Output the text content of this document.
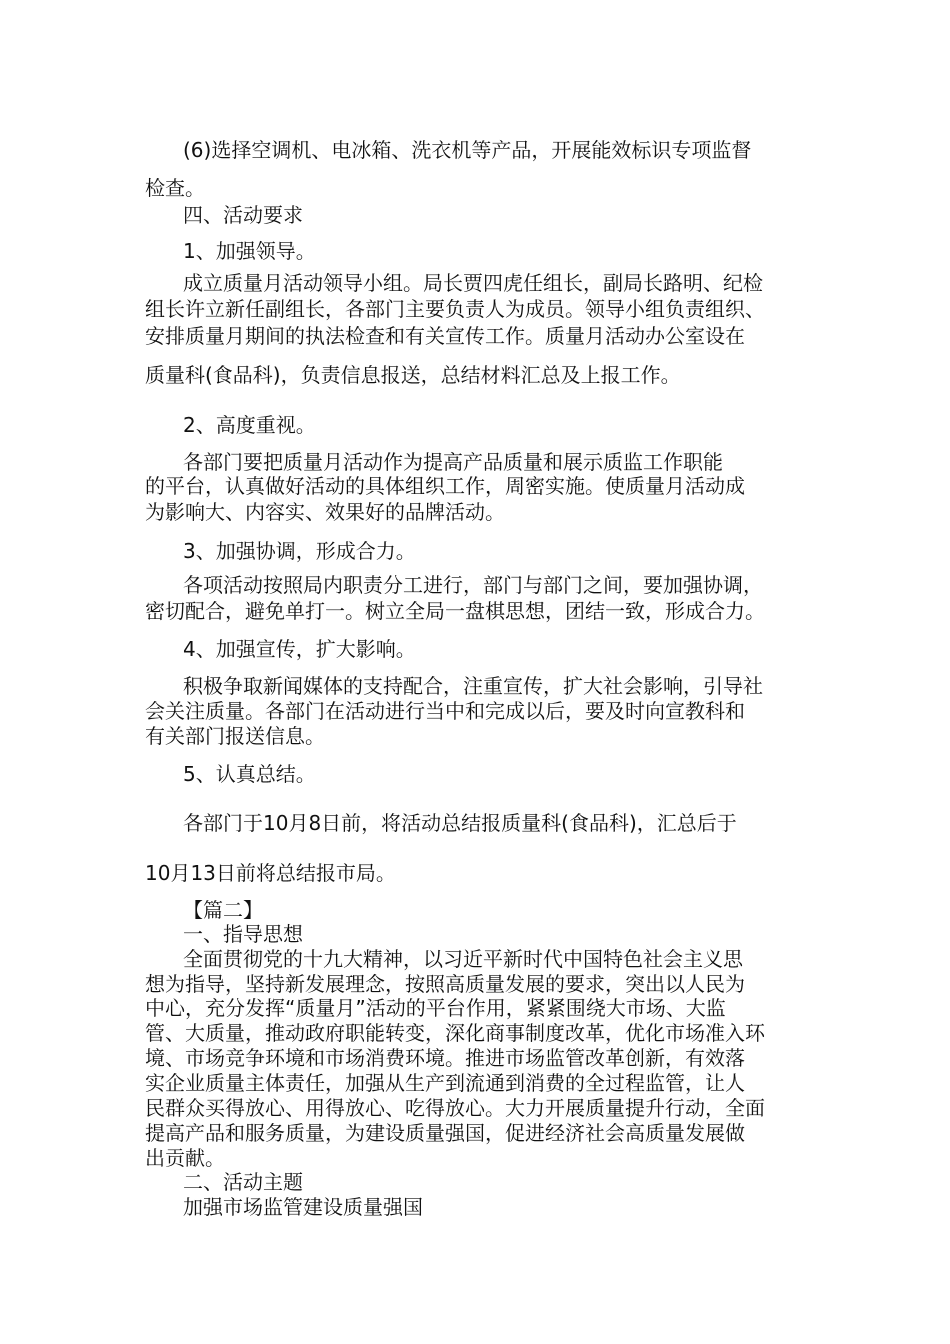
(6)选择空调机、电冰箱、洗衣机等产品，开展能效标识专项监督
检查。
四、活动要求
1、加强领导。
成立质量月活动领导小组。局长贾四虎任组长，副局长路明、纪检
组长许立新任副组长，各部门主要负责人为成员。领导小组负责组织、
安排质量月期间的执法检查和有关宣传工作。质量月活动办公室设在
质量科(食品科)，负责信息报送，总结材料汇总及上报工作。
2、高度重视。
各部门要把质量月活动作为提高产品质量和展示质监工作职能
的平台，认真做好活动的具体组织工作，周密实施。使质量月活动成
为影响大、内容实、效果好的品牌活动。
3、加强协调，形成合力。
各项活动按照局内职责分工进行，部门与部门之间，要加强协调，
密切配合，避免单打一。树立全局一盘棋思想，团结一致，形成合力。
4、加强宣传，扩大影响。
积极争取新闻媒体的支持配合，注重宣传，扩大社会影响，引导社
会关注质量。各部门在活动进行当中和完成以后，要及时向宣教科和
有关部门报送信息。
5、认真总结。
各部门于10月8日前，将活动总结报质量科(食品科)，汇总后于
10月13日前将总结报市局。
【篇二】
一、指导思想
全面贯彻党的十九大精神，以习近平新时代中国特色社会主义思
想为指导，坚持新发展理念，按照高质量发展的要求，突出以人民为
中心，充分发挥“质量月”活动的平台作用，紧紧围绕大市场、大监
管、大质量，推动政府职能转变，深化商事制度改革，优化市场准入环
境、市场竞争环境和市场消费环境。推进市场监管改革创新，有效落
实企业质量主体责任，加强从生产到流通到消费的全过程监管，让人
民群众买得放心、用得放心、吃得放心。大力开展质量提升行动，全面
提高产品和服务质量，为建设质量强国，促进经济社会高质量发展做
出贡献。
二、活动主题
加强市场监管建设质量强国
